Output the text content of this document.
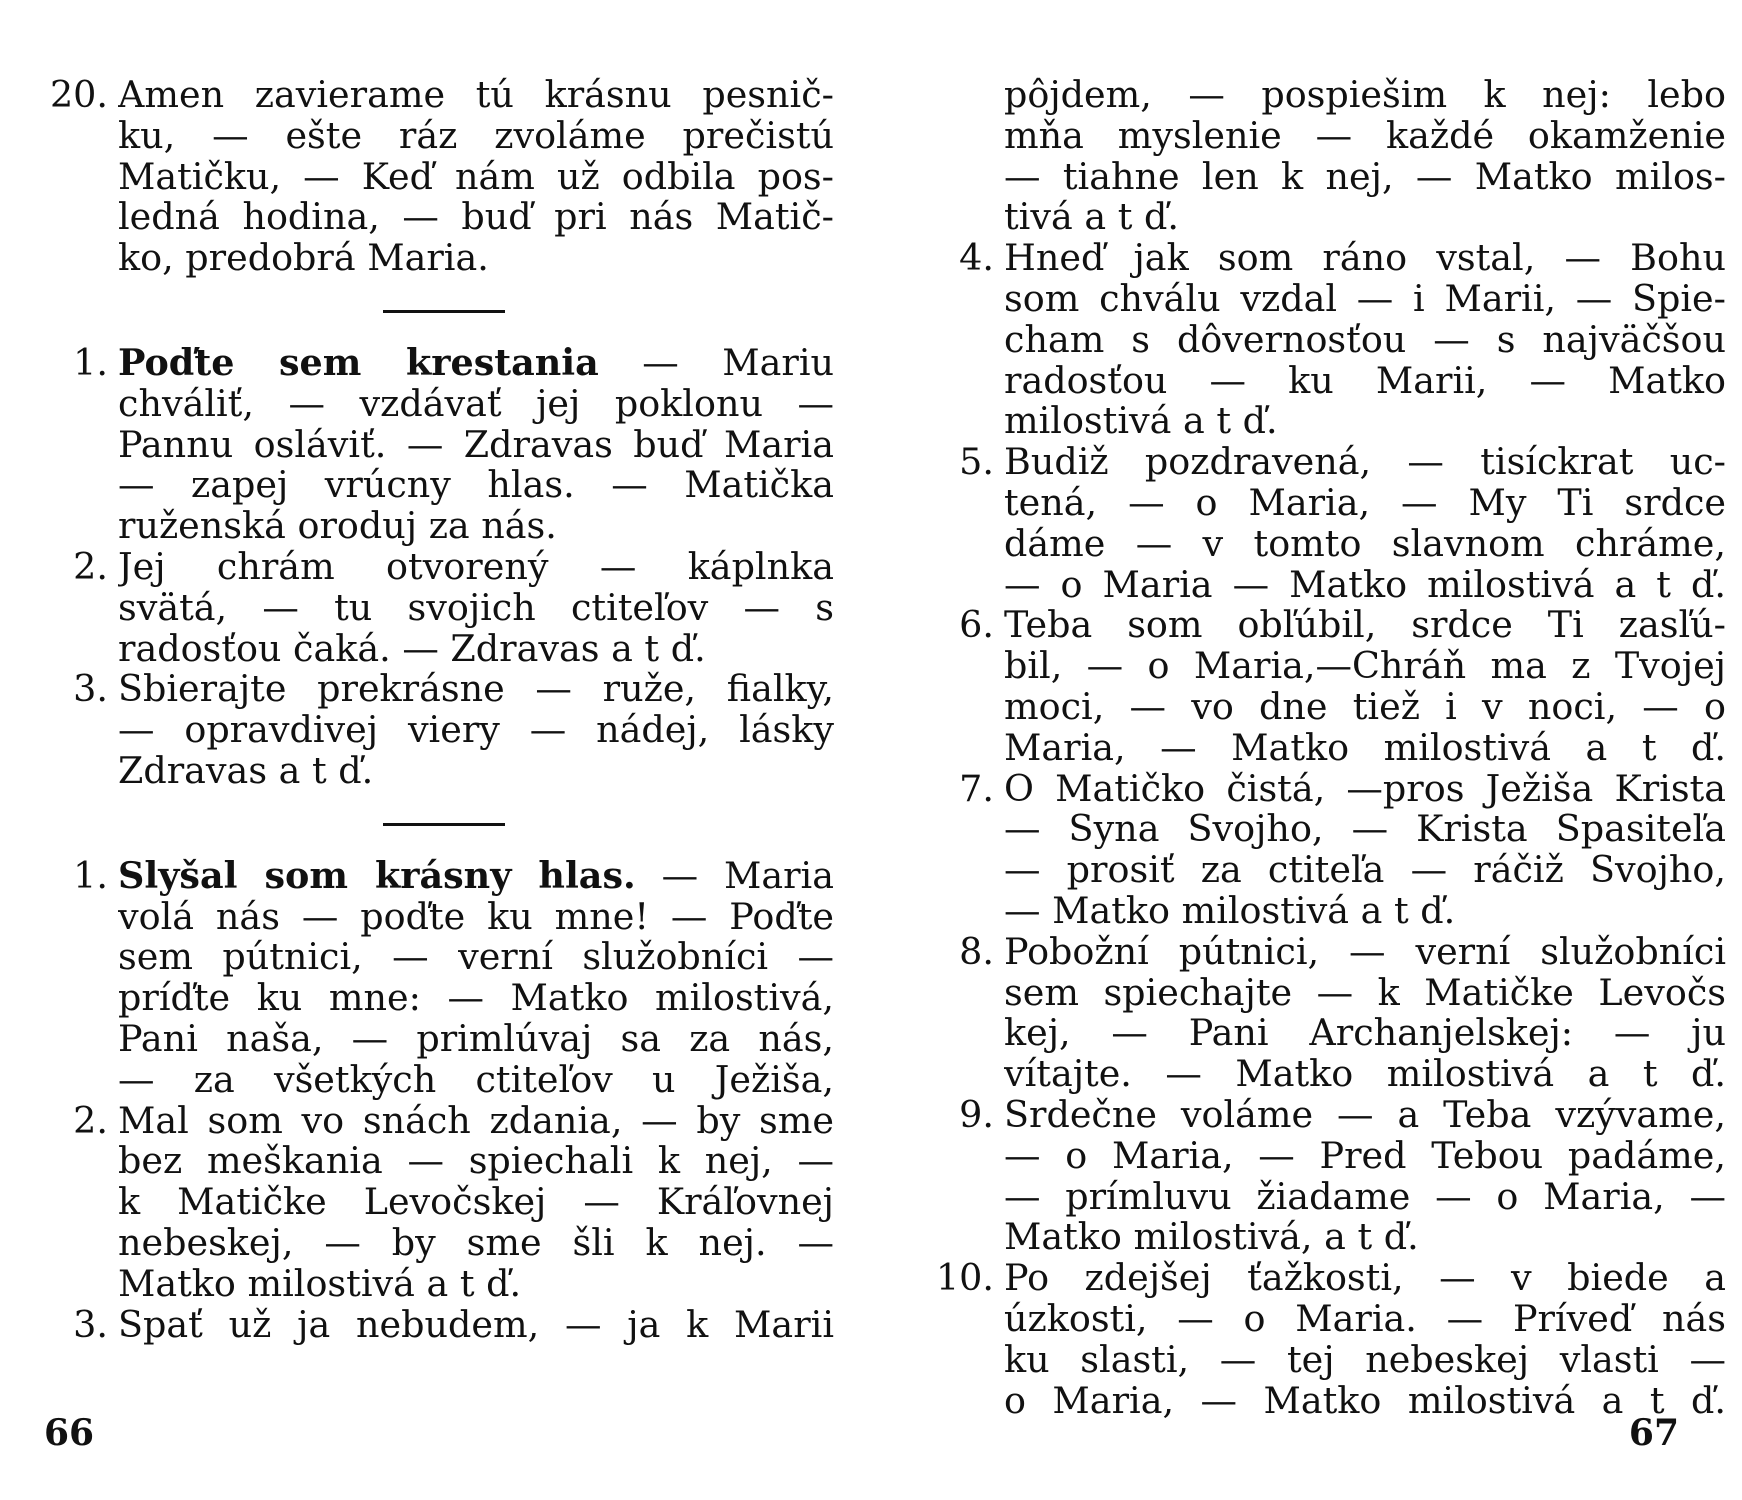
20. Amen zavierame tú krásnu pesnič-
ku, — ešte ráz zvoláme prečistú
Matičku, — Keď nám už odbila pos-
ledná hodina, — buď pri nás Matič-
ko, predobrá Maria.
1. Poďte sem krestania — Mariu
chváliť, — vzdávať jej poklonu —
Pannu osláviť. — Zdravas buď Maria
— zapej vrúcny hlas. — Matička
ruženská oroduj za nás.
2. Jej chrám otvorený — káplnka
svätá, — tu svojich ctiteľov — s
radosťou čaká. — Zdravas a t ď.
3. Sbierajte prekrásne — ruže, fialky,
— opravdivej viery — nádej, lásky
Zdravas a t ď.
1. Slyšal som krásny hlas. — Maria
volá nás — poďte ku mne! — Poďte
sem pútnici, — verní služobníci —
príďte ku mne: — Matko milostivá,
Pani naša, — primlúvaj sa za nás,
— za všetkých ctiteľov u Ježiša,
2. Mal som vo snách zdania, — by sme
bez meškania — spiechali k nej, —
k Matičke Levočskej — Kráľovnej
nebeskej, — by sme šli k nej. —
Matko milostivá a t ď.
3. Spať už ja nebudem, — ja k Marii
66
pôjdem, — pospiešim k nej: lebo
mňa myslenie — každé okamženie
— tiahne len k nej, — Matko milos-
tivá a t ď.
4. Hneď jak som ráno vstal, — Bohu
som chválu vzdal — i Marii, — Spie-
cham s dôvernosťou — s najväčšou
radosťou — ku Marii, — Matko
milostivá a t ď.
5. Budiž pozdravená, — tisíckrat uc-
tená, — o Maria, — My Ti srdce
dáme — v tomto slavnom chráme,
— o Maria — Matko milostivá a t ď.
6. Teba som obľúbil, srdce Ti zasľú-
bil, — o Maria,—Chráň ma z Tvojej
moci, — vo dne tiež i v noci, — o
Maria, — Matko milostivá a t ď.
7. O Matičko čistá, —pros Ježiša Krista
— Syna Svojho, — Krista Spasiteľa
— prosiť za ctiteľa — ráčiž Svojho,
— Matko milostivá a t ď.
8. Pobožní pútnici, — verní služobníci
sem spiechajte — k Matičke Levočs
kej, — Pani Archanjelskej: — ju
vítajte. — Matko milostivá a t ď.
9. Srdečne voláme — a Teba vzývame,
— o Maria, — Pred Tebou padáme,
— prímluvu žiadame — o Maria, —
Matko milostivá, a t ď.
10. Po zdejšej ťažkosti, — v biede a
úzkosti, — o Maria. — Príveď nás
ku slasti, — tej nebeskej vlasti —
o Maria, — Matko milostivá a t ď.
67
